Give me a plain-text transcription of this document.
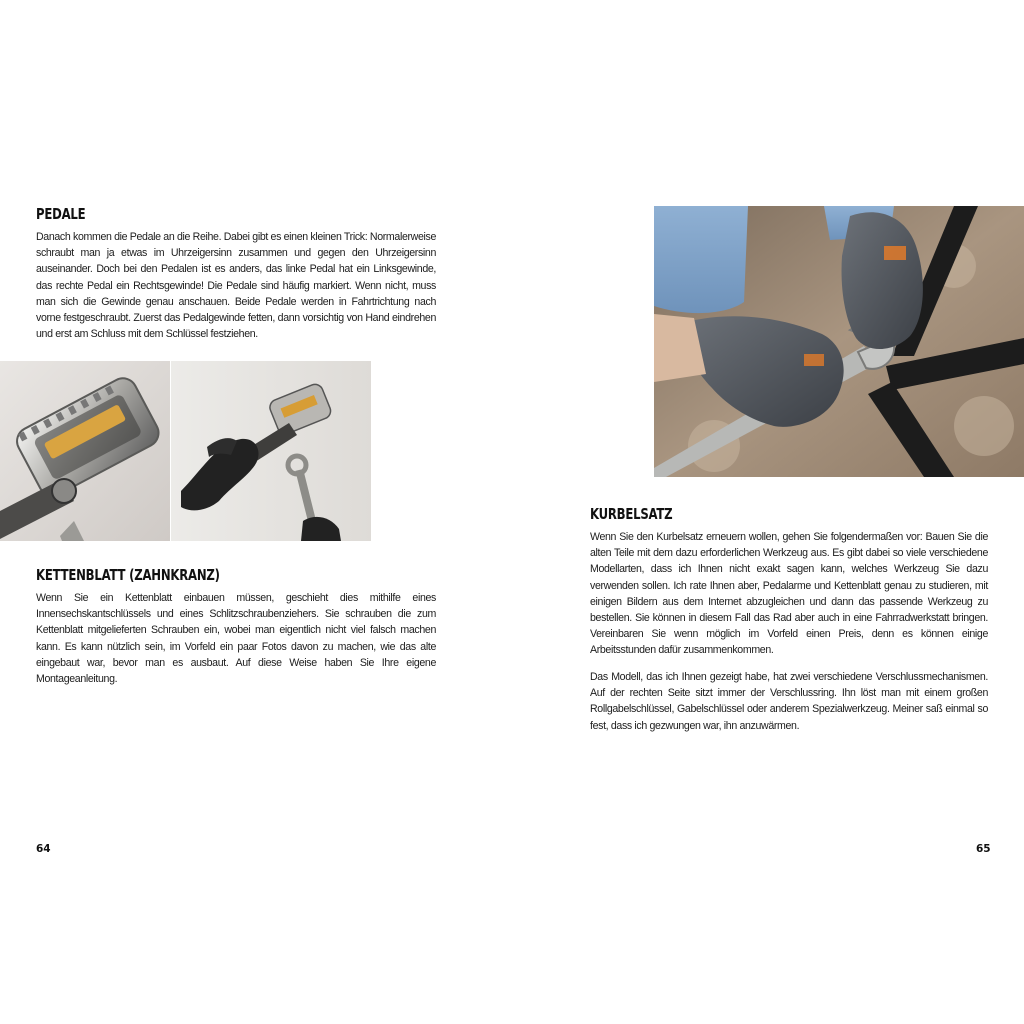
PEDALE
Danach kommen die Pedale an die Reihe. Dabei gibt es einen kleinen Trick: Normalerweise schraubt man ja etwas im Uhrzeigersinn zusammen und gegen den Uhrzeigersinn auseinander. Doch bei den Pedalen ist es anders, das linke Pedal hat ein Linksgewinde, das rechte Pedal ein Rechtsgewinde! Die Pedale sind häufig markiert. Wenn nicht, muss man sich die Gewinde genau anschauen. Beide Pedale werden in Fahrtrichtung nach vorne festgeschraubt. Zuerst das Pedalgewinde fetten, dann vorsichtig von Hand eindrehen und erst am Schluss mit dem Schlüssel festziehen.
KETTENBLATT (ZAHNKRANZ)
Wenn Sie ein Kettenblatt einbauen müssen, geschieht dies mithilfe eines Innensechskantschlüssels und eines Schlitzschraubenziehers. Sie schrauben die zum Kettenblatt mitgelieferten Schrauben ein, wobei man eigentlich nicht viel falsch machen kann. Es kann nützlich sein, im Vorfeld ein paar Fotos davon zu machen, wie das alte eingebaut war, bevor man es ausbaut. Auf diese Weise haben Sie Ihre eigene Montageanleitung.
64
KURBELSATZ
Wenn Sie den Kurbelsatz erneuern wollen, gehen Sie folgendermaßen vor: Bauen Sie die alten Teile mit dem dazu erforderlichen Werkzeug aus. Es gibt dabei so viele verschiedene Modellarten, dass ich Ihnen nicht exakt sagen kann, welches Werkzeug Sie dazu verwenden sollen. Ich rate Ihnen aber, Pedalarme und Kettenblatt genau zu studieren, mit einigen Bildern aus dem Internet abzugleichen und dann das passende Werkzeug zu bestellen. Sie können in diesem Fall das Rad aber auch in eine Fahrradwerkstatt bringen. Vereinbaren Sie wenn möglich im Vorfeld einen Preis, denn es können einige Arbeitsstunden dafür zusammenkommen.
Das Modell, das ich Ihnen gezeigt habe, hat zwei verschiedene Verschlussmechanismen. Auf der rechten Seite sitzt immer der Verschlussring. Ihn löst man mit einem großen Rollgabelschlüssel, Gabelschlüssel oder anderem Spezialwerkzeug. Meiner saß einmal so fest, dass ich gezwungen war, ihn anzuwärmen.
65
